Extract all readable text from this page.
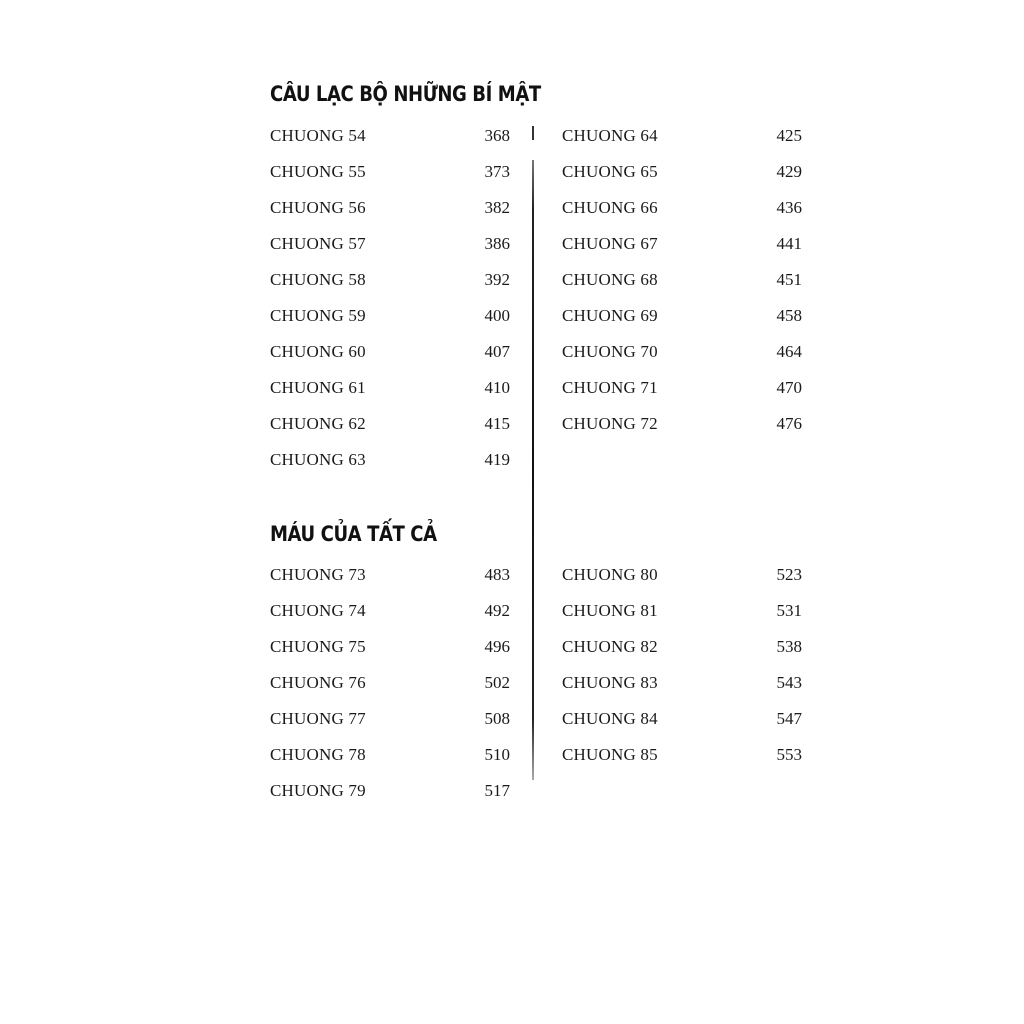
CÂU LẠC BỘ NHỮNG BÍ MẬT
CHUONG 54	368
CHUONG 55	373
CHUONG 56	382
CHUONG 57	386
CHUONG 58	392
CHUONG 59	400
CHUONG 60	407
CHUONG 61	410
CHUONG 62	415
CHUONG 63	419
CHUONG 64	425
CHUONG 65	429
CHUONG 66	436
CHUONG 67	441
CHUONG 68	451
CHUONG 69	458
CHUONG 70	464
CHUONG 71	470
CHUONG 72	476
MÁU CỦA TẤT CẢ
CHUONG 73	483
CHUONG 74	492
CHUONG 75	496
CHUONG 76	502
CHUONG 77	508
CHUONG 78	510
CHUONG 79	517
CHUONG 80	523
CHUONG 81	531
CHUONG 82	538
CHUONG 83	543
CHUONG 84	547
CHUONG 85	553
